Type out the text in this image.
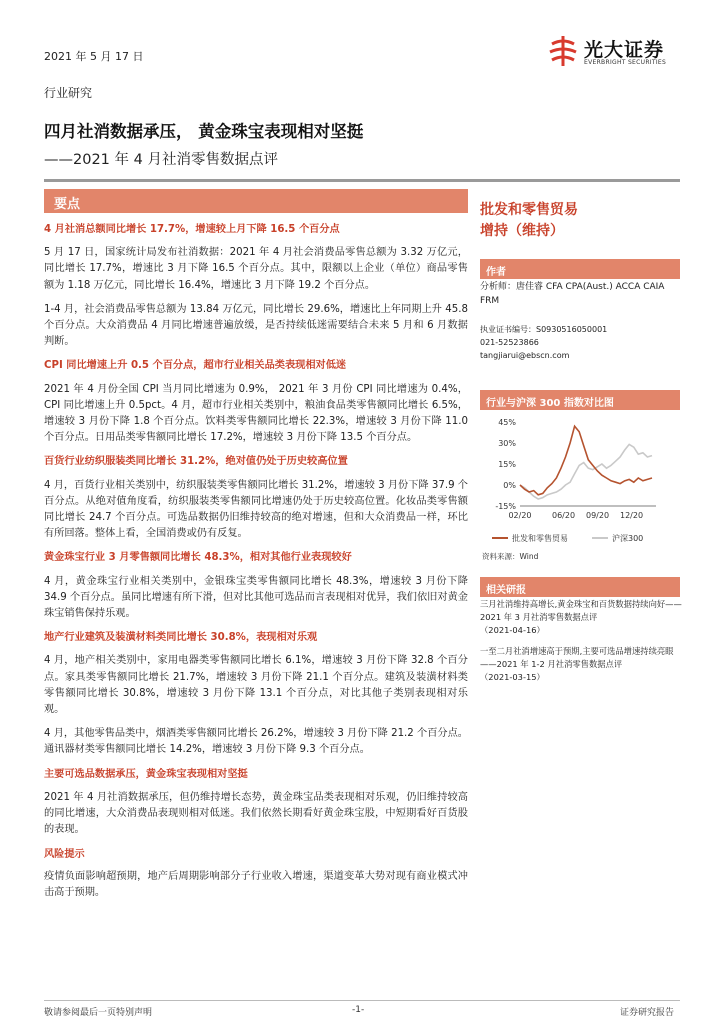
2021 年 5 月 17 日	光大证券
EVERBRIGHT SECURITIES
行业研究
四月社消数据承压， 黄金珠宝表现相对坚挺
——2021 年 4 月社消零售数据点评
要点
4 月社消总额同比增长 17.7%，增速较上月下降 16.5 个百分点
5 月 17 日，国家统计局发布社消数据：2021 年 4 月社会消费品零售总额为 3.32 万亿元，同比增长 17.7%，增速比 3 月下降 16.5 个百分点。其中，限额以上企业（单位）商品零售额为 1.18 万亿元，同比增长 16.4%，增速比 3 月下降 19.2 个百分点。
1-4 月，社会消费品零售总额为 13.84 万亿元，同比增长 29.6%，增速比上年同期上升 45.8 个百分点。大众消费品 4 月同比增速普遍放缓，是否持续低迷需要结合未来 5 月和 6 月数据判断。
CPI 同比增速上升 0.5 个百分点，超市行业相关品类表现相对低迷
2021 年 4 月份全国 CPI 当月同比增速为 0.9%， 2021 年 3 月份 CPI 同比增速为 0.4%，CPI 同比增速上升 0.5pct。4 月，超市行业相关类别中，粮油食品类零售额同比增长 6.5%，增速较 3 月份下降 1.8 个百分点。饮料类零售额同比增长 22.3%，增速较 3 月份下降 11.0 个百分点。日用品类零售额同比增长 17.2%，增速较 3 月份下降 13.5 个百分点。
百货行业纺织服装类同比增长 31.2%，绝对值仍处于历史较高位置
4 月，百货行业相关类别中，纺织服装类零售额同比增长 31.2%，增速较 3 月份下降 37.9 个百分点。从绝对值角度看，纺织服装类零售额同比增速仍处于历史较高位置。化妆品类零售额同比增长 24.7 个百分点。可选品数据仍旧维持较高的绝对增速，但和大众消费品一样，环比有所回落。整体上看，全国消费或仍有反复。
黄金珠宝行业 3 月零售额同比增长 48.3%，相对其他行业表现较好
4 月，黄金珠宝行业相关类别中，金银珠宝类零售额同比增长 48.3%，增速较 3 月份下降 34.9 个百分点。虽同比增速有所下滑，但对比其他可选品而言表现相对优异，我们依旧对黄金珠宝销售保持乐观。
地产行业建筑及装潢材料类同比增长 30.8%，表现相对乐观
4 月，地产相关类别中，家用电器类零售额同比增长 6.1%，增速较 3 月份下降 32.8 个百分点。家具类零售额同比增长 21.7%，增速较 3 月份下降 21.1 个百分点。建筑及装潢材料类零售额同比增长 30.8%，增速较 3 月份下降 13.1 个百分点，对比其他子类别表现相对乐观。
4 月，其他零售品类中，烟酒类零售额同比增长 26.2%，增速较 3 月份下降 21.2 个百分点。通讯器材类零售额同比增长 14.2%，增速较 3 月份下降 9.3 个百分点。
主要可选品数据承压，黄金珠宝表现相对坚挺
2021 年 4 月社消数据承压，但仍维持增长态势，黄金珠宝品类表现相对乐观，仍旧维持较高的同比增速，大众消费品表现则相对低迷。我们依然长期看好黄金珠宝股，中短期看好百货股的表现。
风险提示
疫情负面影响超预期，地产后周期影响部分子行业收入增速，渠道变革大势对现有商业模式冲击高于预期。
批发和零售贸易
增持（维持）
作者
分析师：唐佳睿 CFA CPA(Aust.) ACCA CAIA FRM
执业证书编号：S0930516050001
021-52523866
tangjiarui@ebscn.com
行业与沪深 300 指数对比图
45%
30%
15%
0%
-15%
02/20	06/20 09/20 12/20
批发和零售贸易	沪深300
资料来源：Wind
相关研报
三月社消维持高增长,黄金珠宝和百货数据持续向好——2021 年 3 月社消零售数据点评
（2021-04-16）
一至二月社消增速高于预期,主要可选品增速持续亮眼——2021 年 1-2 月社消零售数据点评
（2021-03-15）
敬请参阅最后一页特别声明	-1-	证券研究报告
